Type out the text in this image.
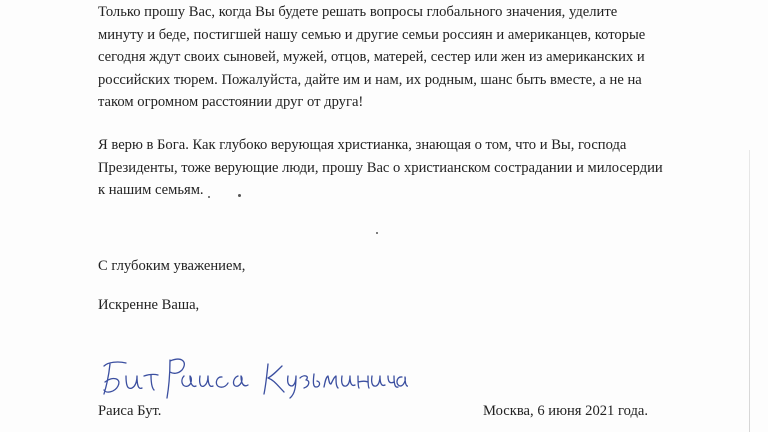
Только прошу Вас, когда Вы будете решать вопросы глобального значения, уделите
минуту и беде, постигшей нашу семью и другие семьи россиян и американцев, которые
сегодня ждут своих сыновей, мужей, отцов, матерей, сестер или жен из американских и
российских тюрем. Пожалуйста, дайте им и нам, их родным, шанс быть вместе, а не на
таком огромном расстоянии друг от друга!
Я верю в Бога. Как глубоко верующая христианка, знающая о том, что и Вы, господа
Президенты, тоже верующие люди, прошу Вас о христианском сострадании и милосердии
к нашим семьям.

С глубоким уважением,

Искренне Ваша,

Раиса Бут.	Москва, 6 июня 2021 года.
